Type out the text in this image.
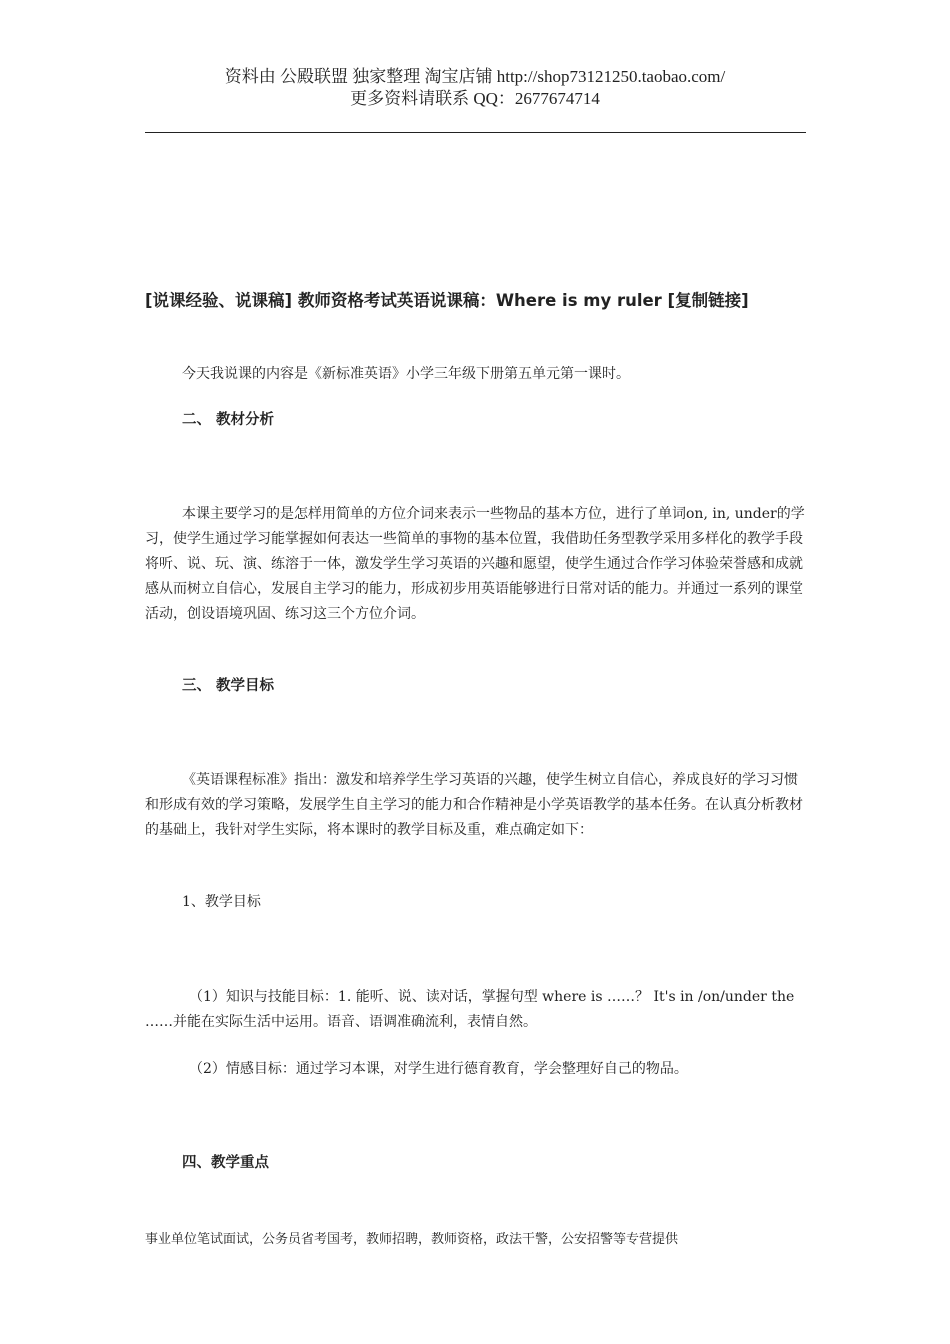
资料由 公殿联盟 独家整理 淘宝店铺 http://shop73121250.taobao.com/
更多资料请联系 QQ：2677674714
[说课经验、说课稿] 教师资格考试英语说课稿：Where is my ruler [复制链接]
今天我说课的内容是《新标准英语》小学三年级下册第五单元第一课时。
二、 教材分析
本课主要学习的是怎样用简单的方位介词来表示一些物品的基本方位，进行了单词on, in, under的学习，使学生通过学习能掌握如何表达一些简单的事物的基本位置，我借助任务型教学采用多样化的教学手段将听、说、玩、演、练溶于一体，激发学生学习英语的兴趣和愿望，使学生通过合作学习体验荣誉感和成就感从而树立自信心，发展自主学习的能力，形成初步用英语能够进行日常对话的能力。并通过一系列的课堂活动，创设语境巩固、练习这三个方位介词。
三、 教学目标
《英语课程标准》指出：激发和培养学生学习英语的兴趣，使学生树立自信心，养成良好的学习习惯和形成有效的学习策略，发展学生自主学习的能力和合作精神是小学英语教学的基本任务。在认真分析教材的基础上，我针对学生实际，将本课时的教学目标及重，难点确定如下：
1、教学目标
（1）知识与技能目标：1. 能听、说、读对话，掌握句型 where is ……？ It's in /on/under the ……并能在实际生活中运用。语音、语调准确流利，表情自然。
（2）情感目标：通过学习本课，对学生进行德育教育，学会整理好自己的物品。
四、教学重点
事业单位笔试面试，公务员省考国考，教师招聘，教师资格，政法干警，公安招警等专营提供
